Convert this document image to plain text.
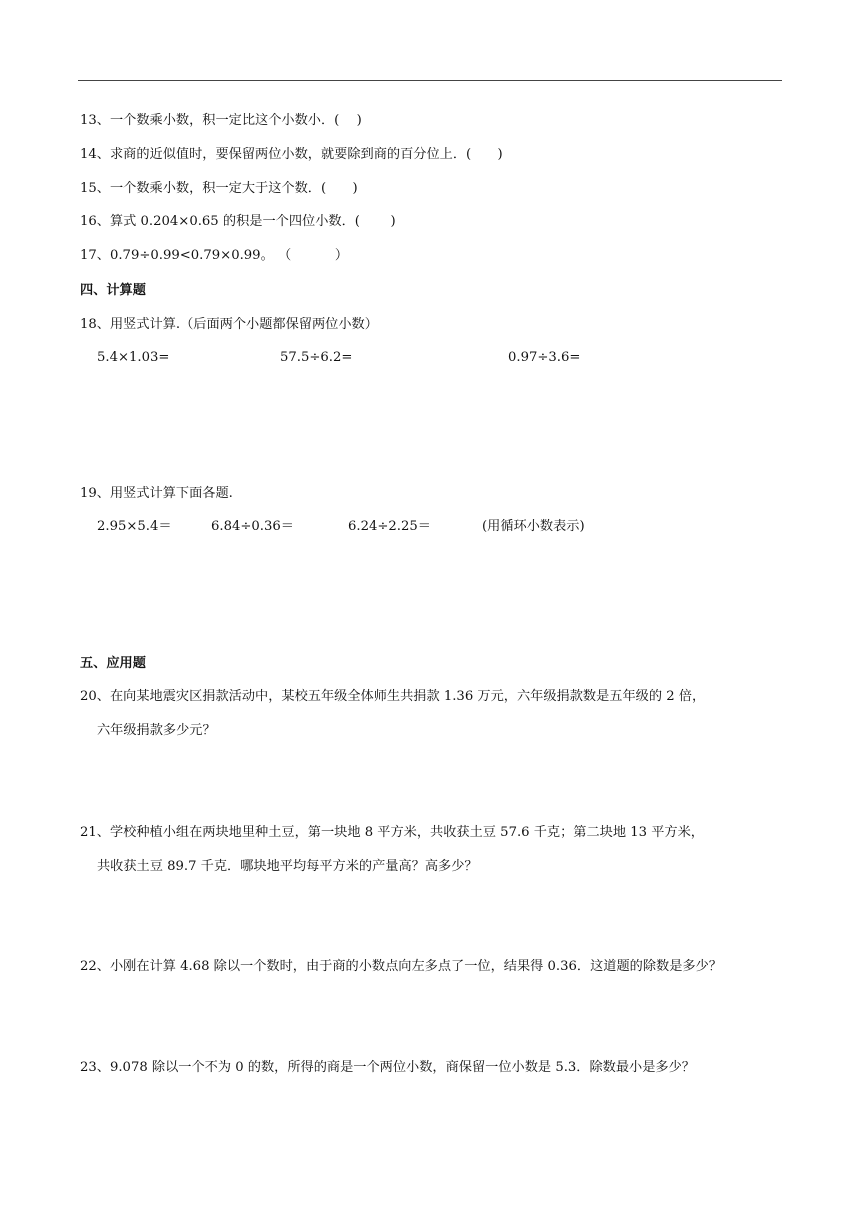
13、一个数乘小数，积一定比这个小数小．(　 )
14、求商的近似值时，要保留两位小数，就要除到商的百分位上．(　　)
15、一个数乘小数，积一定大于这个数．(　　)
16、算式 0.204×0.65 的积是一个四位小数．(　　 )
17、0.79÷0.99<0.79×0.99。 （　　　 ）
四、计算题
18、用竖式计算.（后面两个小题都保留两位小数）
5.4×1.03=	57.5÷6.2=	0.97÷3.6=
19、用竖式计算下面各题.
2.95×5.4＝	6.84÷0.36＝	6.24÷2.25＝	(用循环小数表示)
五、应用题
20、在向某地震灾区捐款活动中，某校五年级全体师生共捐款 1.36 万元，六年级捐款数是五年级的 2 倍，
六年级捐款多少元？
21、学校种植小组在两块地里种土豆，第一块地 8 平方米，共收获土豆 57.6 千克；第二块地 13 平方米，
共收获土豆 89.7 千克．哪块地平均每平方米的产量高？高多少？
22、小刚在计算 4.68 除以一个数时，由于商的小数点向左多点了一位，结果得 0.36．这道题的除数是多少？
23、9.078 除以一个不为 0 的数，所得的商是一个两位小数，商保留一位小数是 5.3．除数最小是多少？
